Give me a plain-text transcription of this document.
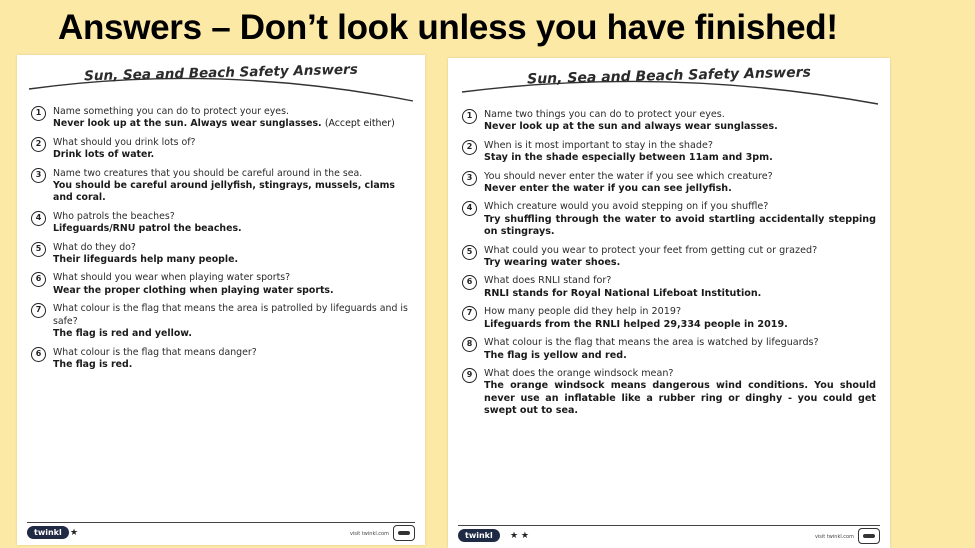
Answers – Don’t look unless you have finished!
Sun, Sea and Beach Safety Answers
1	Name something you can do to protect your eyes.
Never look up at the sun. Always wear sunglasses. (Accept either)
2	What should you drink lots of?
Drink lots of water.
3	Name two creatures that you should be careful around in the sea.
You should be careful around jellyfish, stingrays, mussels, clams and coral.
4	Who patrols the beaches?
Lifeguards/RNU patrol the beaches.
5	What do they do?
Their lifeguards help many people.
6	What should you wear when playing water sports?
Wear the proper clothing when playing water sports.
7	What colour is the flag that means the area is patrolled by lifeguards and is safe?
The flag is red and yellow.
6	What colour is the flag that means danger?
The flag is red.
twinkl ★	visit twinkl.com
Sun, Sea and Beach Safety Answers
1	Name two things you can do to protect your eyes.
Never look up at the sun and always wear sunglasses.
2	When is it most important to stay in the shade?
Stay in the shade especially between 11am and 3pm.
3	You should never enter the water if you see which creature?
Never enter the water if you can see jellyfish.
4	Which creature would you avoid stepping on if you shuffle?
Try shuffling through the water to avoid startling accidentally stepping on stingrays.
5	What could you wear to protect your feet from getting cut or grazed?
Try wearing water shoes.
6	What does RNLI stand for?
RNLI stands for Royal National Lifeboat Institution.
7	How many people did they help in 2019?
Lifeguards from the RNLI helped 29,334 people in 2019.
8	What colour is the flag that means the area is watched by lifeguards?
The flag is yellow and red.
9	What does the orange windsock mean?
The orange windsock means dangerous wind conditions. You should never use an inflatable like a rubber ring or dinghy - you could get swept out to sea.
twinkl	★ ★	visit twinkl.com
